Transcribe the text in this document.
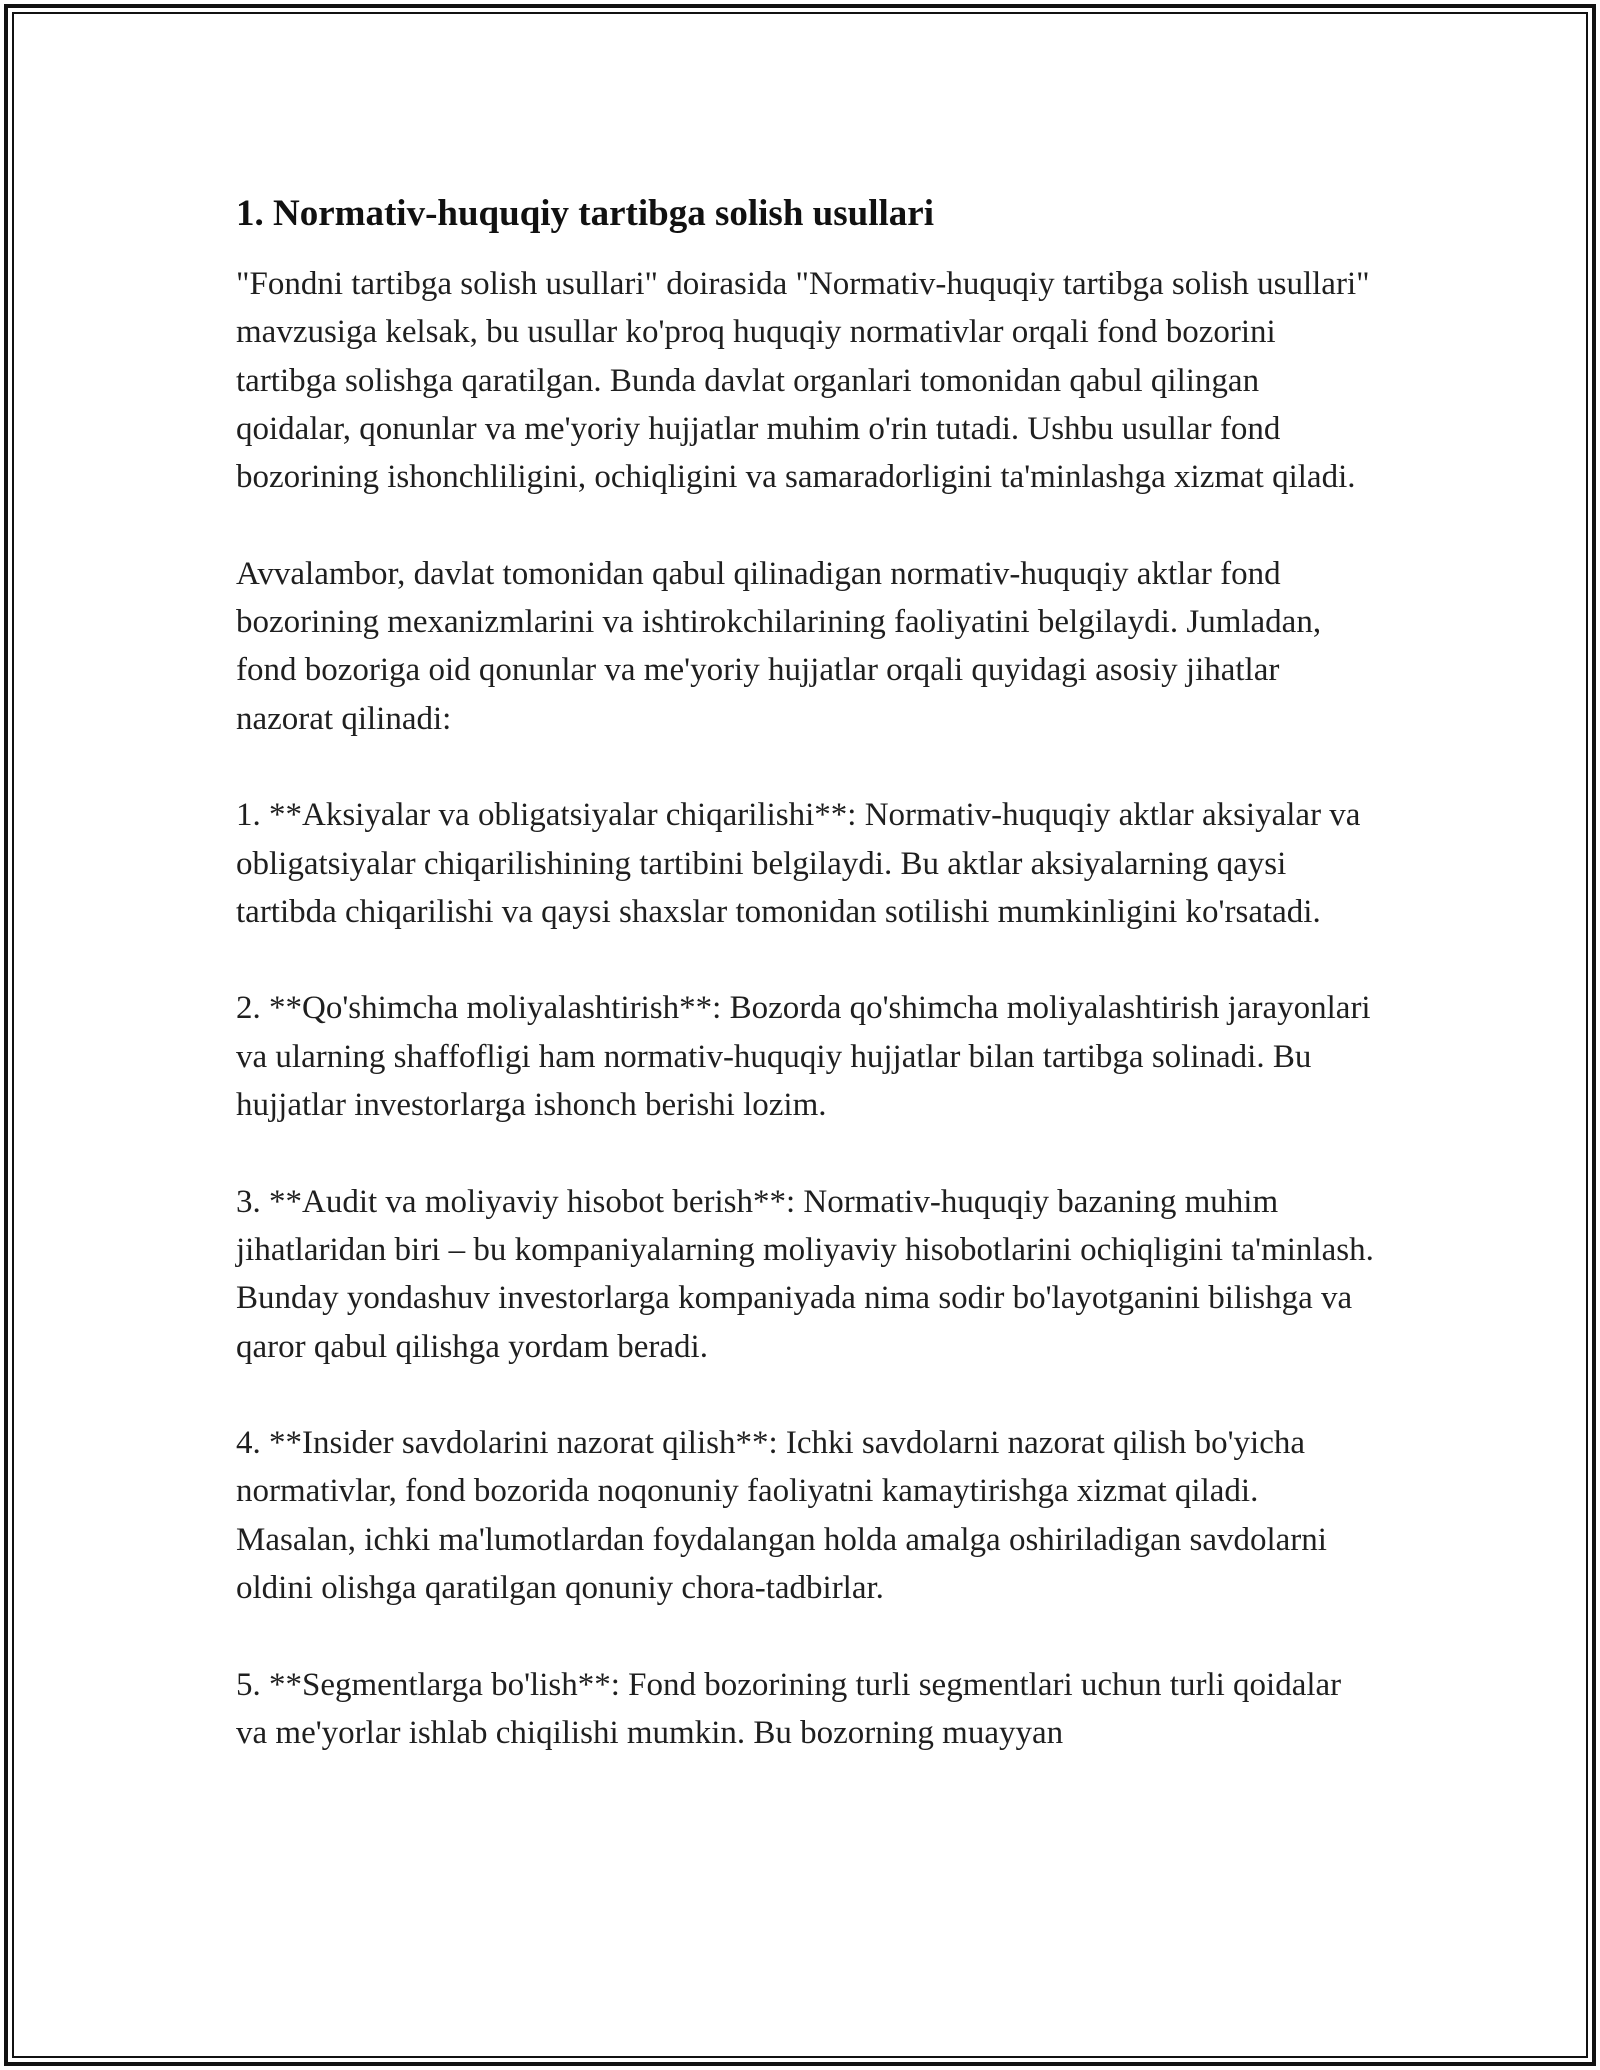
1. Normativ-huquqiy tartibga solish usullari

"Fondni tartibga solish usullari" doirasida "Normativ-huquqiy tartibga solish usullari" mavzusiga kelsak, bu usullar ko'proq huquqiy normativlar orqali fond bozorini tartibga solishga qaratilgan. Bunda davlat organlari tomonidan qabul qilingan qoidalar, qonunlar va me'yoriy hujjatlar muhim o'rin tutadi. Ushbu usullar fond bozorining ishonchliligini, ochiqligini va samaradorligini ta'minlashga xizmat qiladi.

Avvalambor, davlat tomonidan qabul qilinadigan normativ-huquqiy aktlar fond bozorining mexanizmlarini va ishtirokchilarining faoliyatini belgilaydi. Jumladan, fond bozoriga oid qonunlar va me'yoriy hujjatlar orqali quyidagi asosiy jihatlar nazorat qilinadi:

1. **Aksiyalar va obligatsiyalar chiqarilishi**: Normativ-huquqiy aktlar aksiyalar va obligatsiyalar chiqarilishining tartibini belgilaydi. Bu aktlar aksiyalarning qaysi tartibda chiqarilishi va qaysi shaxslar tomonidan sotilishi mumkinligini ko'rsatadi.

2. **Qo'shimcha moliyalashtirish**: Bozorda qo'shimcha moliyalashtirish jarayonlari va ularning shaffofligi ham normativ-huquqiy hujjatlar bilan tartibga solinadi. Bu hujjatlar investorlarga ishonch berishi lozim.

3. **Audit va moliyaviy hisobot berish**: Normativ-huquqiy bazaning muhim jihatlaridan biri – bu kompaniyalarning moliyaviy hisobotlarini ochiqligini ta'minlash. Bunday yondashuv investorlarga kompaniyada nima sodir bo'layotganini bilishga va qaror qabul qilishga yordam beradi.

4. **Insider savdolarini nazorat qilish**: Ichki savdolarni nazorat qilish bo'yicha normativlar, fond bozorida noqonuniy faoliyatni kamaytirishga xizmat qiladi. Masalan, ichki ma'lumotlardan foydalangan holda amalga oshiriladigan savdolarni oldini olishga qaratilgan qonuniy chora-tadbirlar.

5. **Segmentlarga bo'lish**: Fond bozorining turli segmentlari uchun turli qoidalar va me'yorlar ishlab chiqilishi mumkin. Bu bozorning muayyan
